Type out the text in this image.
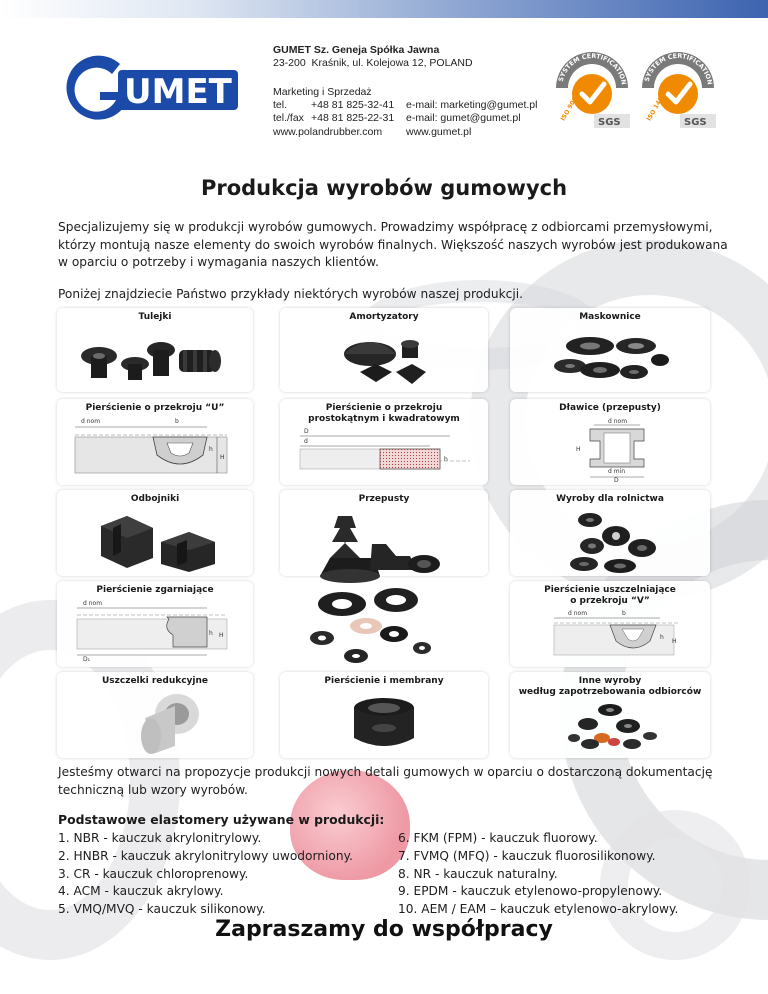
UMET
GUMET Sz. Geneja Spółka Jawna
23-200  Kraśnik, ul. Kolejowa 12, POLAND
Marketing i Sprzedaż
tel. +48 81 825-32-41
tel./fax +48 81 825-22-31
e-mail: marketing@gumet.pl
e-mail: gumet@gumet.pl
www.polandrubber.com www.gumet.pl
SYSTEM CERTIFICATION
ISO 9001
SGS
SYSTEM CERTIFICATION
ISO 14001
SGS
Produkcja wyrobów gumowych
Specjalizujemy się w produkcji wyrobów gumowych. Prowadzimy współpracę z odbiorcami przemysłowymi,
którzy montują nasze elementy do swoich wyrobów finalnych. Większość naszych wyrobów jest produkowana
w oparciu o potrzeby i wymagania naszych klientów.
Poniżej znajdziecie Państwo przykłady niektórych wyrobów naszej produkcji.
Tulejki	Amortyzatory	Maskownice
Pierścienie o przekroju “U”
d nom	b
H
h
Pierścienie o przekroju
prostokątnym i kwadratowym
D
d
h
Dławice (przepusty)
d nom
H
d min
D
Odbojniki	Przepusty	Wyroby dla rolnictwa
Pierścienie zgarniające
d nom
h H
D₁
Pierścienie uszczelniające
o przekroju “V”
d nom	b
h
H
Uszczelki redukcyjne	Pierścienie i membrany	Inne wyroby
według zapotrzebowania odbiorców
Jesteśmy otwarci na propozycje produkcji nowych detali gumowych w oparciu o dostarczoną dokumentację
techniczną lub wzory wyrobów.
Podstawowe elastomery używane w produkcji:
1. NBR - kauczuk akrylonitrylowy.
2. HNBR - kauczuk akrylonitrylowy uwodorniony.
3. CR - kauczuk chloroprenowy.
4. ACM - kauczuk akrylowy.
5. VMQ/MVQ - kauczuk silikonowy.
6. FKM (FPM) - kauczuk fluorowy.
7. FVMQ (MFQ) - kauczuk fluorosilikonowy.
8. NR - kauczuk naturalny.
9. EPDM - kauczuk etylenowo-propylenowy.
10. AEM / EAM – kauczuk etylenowo-akrylowy.
Zapraszamy do współpracy
